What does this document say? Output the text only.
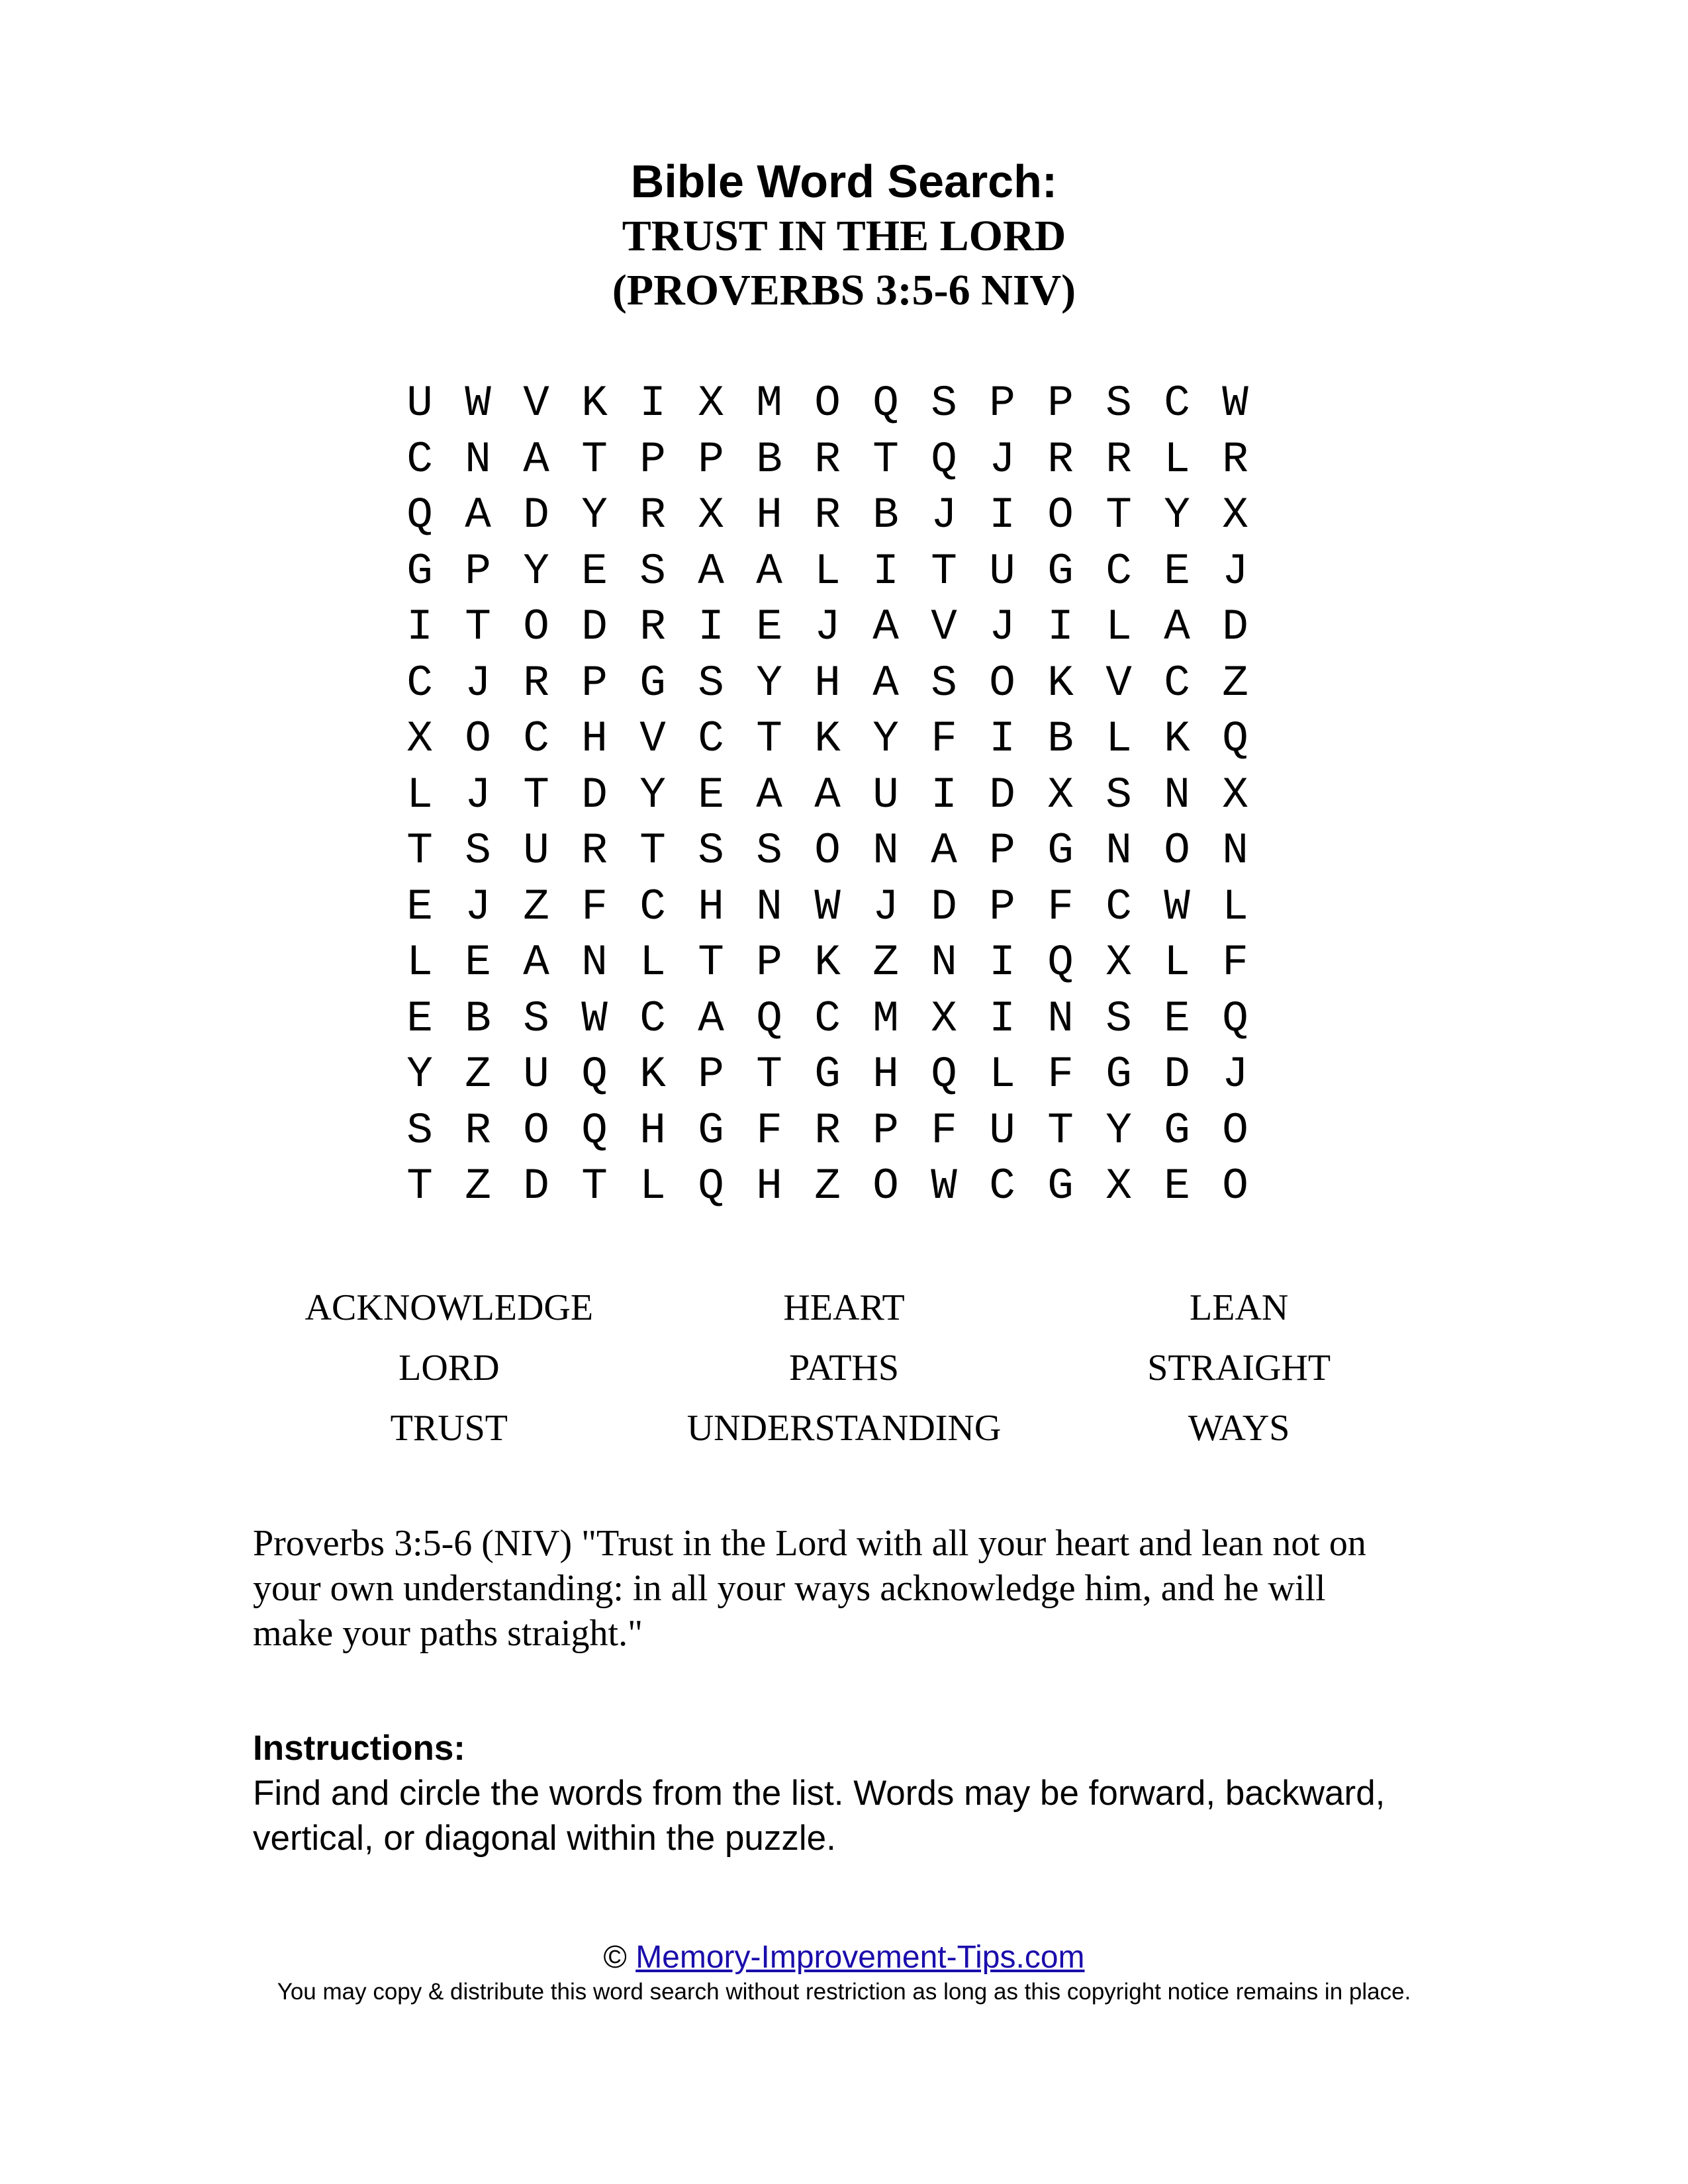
Bible Word Search:

TRUST IN THE LORD

(PROVERBS 3:5-6 NIV)

U W V K I X M O Q S P P S C W
C N A T P P B R T Q J R R L R
Q A D Y R X H R B J I O T Y X
G P Y E S A A L I T U G C E J
I T O D R I E J A V J I L A D
C J R P G S Y H A S O K V C Z
X O C H V C T K Y F I B L K Q
L J T D Y E A A U I D X S N X
T S U R T S S O N A P G N O N
E J Z F C H N W J D P F C W L
L E A N L T P K Z N I Q X L F
E B S W C A Q C M X I N S E Q
Y Z U Q K P T G H Q L F G D J
S R O Q H G F R P F U T Y G O
T Z D T L Q H Z O W C G X E O
ACKNOWLEDGE	HEART	LEAN
LORD	PATHS	STRAIGHT
TRUST	UNDERSTANDING	WAYS
Proverbs 3:5-6 (NIV) "Trust in the Lord with all your heart and lean not on
your own understanding: in all your ways acknowledge him, and he will
make your paths straight."

Instructions:

Find and circle the words from the list. Words may be forward, backward,

vertical, or diagonal within the puzzle.

© Memory-Improvement-Tips.com

You may copy & distribute this word search without restriction as long as this copyright notice remains in place.
